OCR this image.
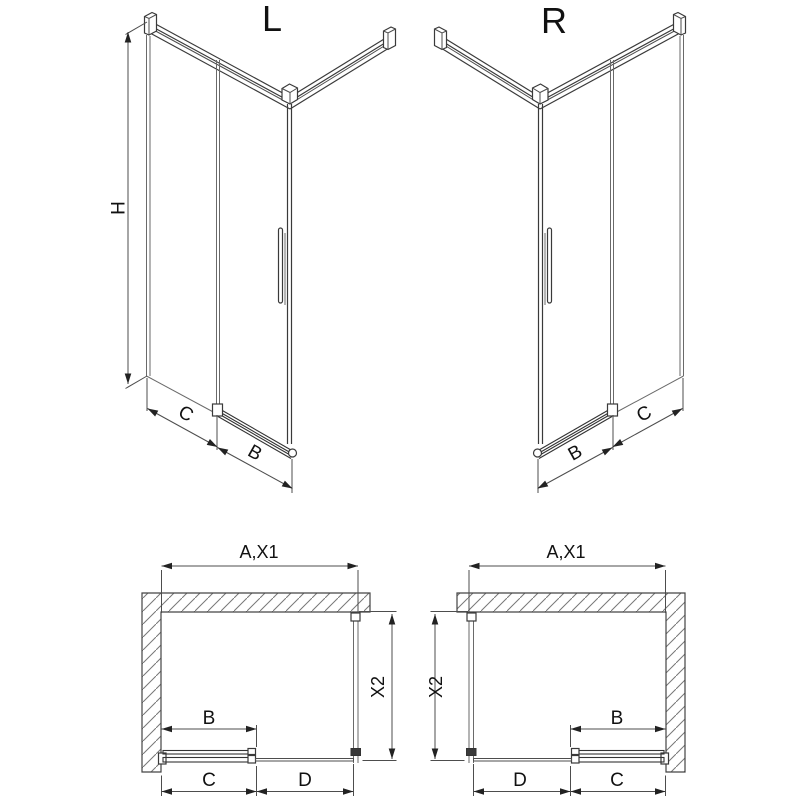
L
H
C
B
R
C
B
A,X1
X2
B
C	D
A,X1
X2
B
D	C
